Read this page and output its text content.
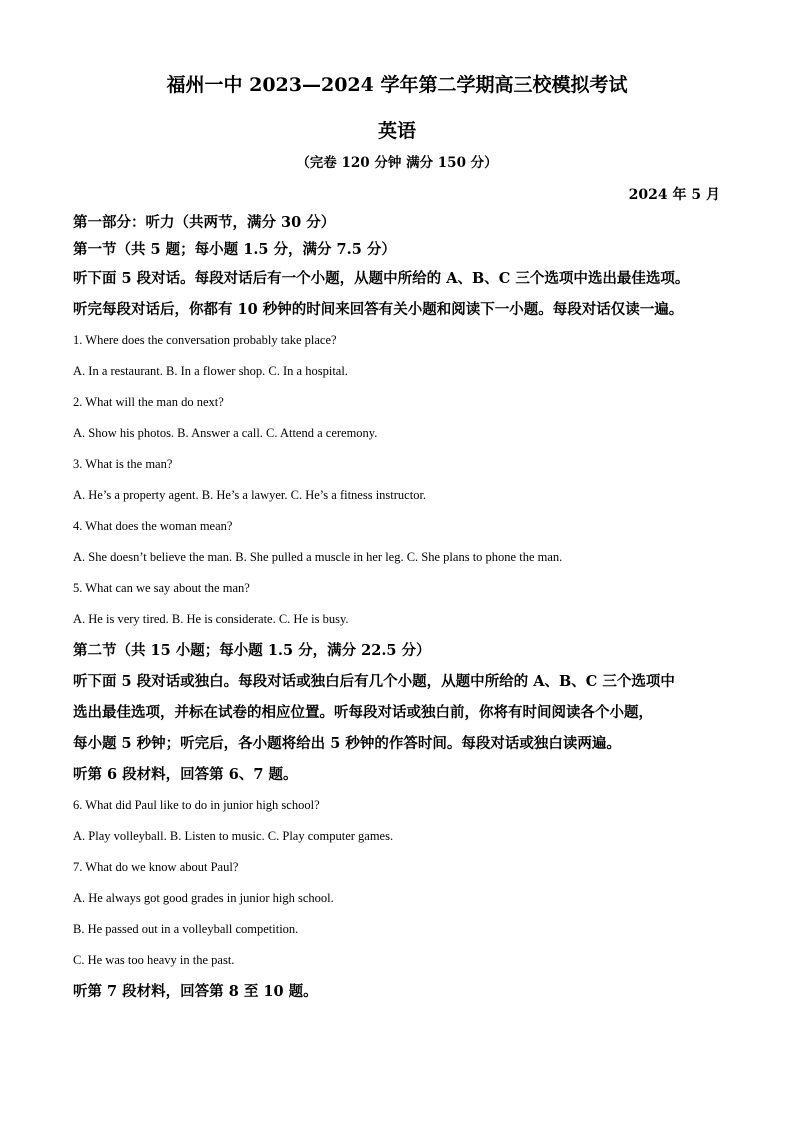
福州一中 2023—2024 学年第二学期高三校模拟考试
英语
（完卷 120 分钟 满分 150 分）
2024 年 5 月

第一部分：听力（共两节，满分 30 分）

第一节（共 5 题；每小题 1.5 分，满分 7.5 分）

听下面 5 段对话。每段对话后有一个小题，从题中所给的 A、B、C 三个选项中选出最佳选项。

听完每段对话后，你都有 10 秒钟的时间来回答有关小题和阅读下一小题。每段对话仅读一遍。

1. Where does the conversation probably take place?

A. In a restaurant. B. In a flower shop. C. In a hospital.

2. What will the man do next?

A. Show his photos. B. Answer a call. C. Attend a ceremony.

3. What is the man?

A. He’s a property agent. B. He’s a lawyer. C. He’s a fitness instructor.

4. What does the woman mean?

A. She doesn’t believe the man. B. She pulled a muscle in her leg. C. She plans to phone the man.

5. What can we say about the man?

A. He is very tired. B. He is considerate. C. He is busy.

第二节（共 15 小题；每小题 1.5 分，满分 22.5 分）

听下面 5 段对话或独白。每段对话或独白后有几个小题，从题中所给的 A、B、C 三个选项中

选出最佳选项，并标在试卷的相应位置。听每段对话或独白前，你将有时间阅读各个小题，

每小题 5 秒钟；听完后，各小题将给出 5 秒钟的作答时间。每段对话或独白读两遍。

听第 6 段材料，回答第 6、7 题。

6. What did Paul like to do in junior high school?

A. Play volleyball. B. Listen to music. C. Play computer games.

7. What do we know about Paul?

A. He always got good grades in junior high school.

B. He passed out in a volleyball competition.

C. He was too heavy in the past.

听第 7 段材料，回答第 8 至 10 题。
